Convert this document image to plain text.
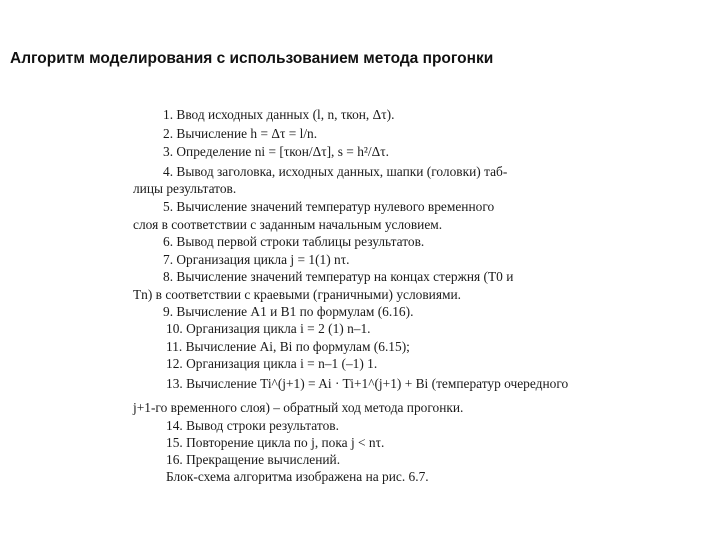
Алгоритм моделирования с использованием метода прогонки
1. Ввод исходных данных (l, n, τкон, Δτ).
2. Вычисление h = Δτ = l/n.
3. Определение ni = [τкон/Δτ], s = h²/Δτ.
4. Вывод заголовка, исходных данных, шапки (головки) таб-
лицы результатов.
5. Вычисление значений температур нулевого временного
слоя в соответствии с заданным начальным условием.
6. Вывод первой строки таблицы результатов.
7. Организация цикла j = 1(1) nτ.
8. Вычисление значений температур на концах стержня (T0 и
Tn) в соответствии с краевыми (граничными) условиями.
9. Вычисление A1 и B1 по формулам (6.16).
10. Организация цикла i = 2 (1) n–1.
11. Вычисление Ai, Bi по формулам (6.15);
12. Организация цикла i = n–1 (–1) 1.
13. Вычисление Ti^(j+1) = Ai · Ti+1^(j+1) + Bi (температур очередного
j+1-го временного слоя) – обратный ход метода прогонки.
14. Вывод строки результатов.
15. Повторение цикла по j, пока j < nτ.
16. Прекращение вычислений.
Блок-схема алгоритма изображена на рис. 6.7.
